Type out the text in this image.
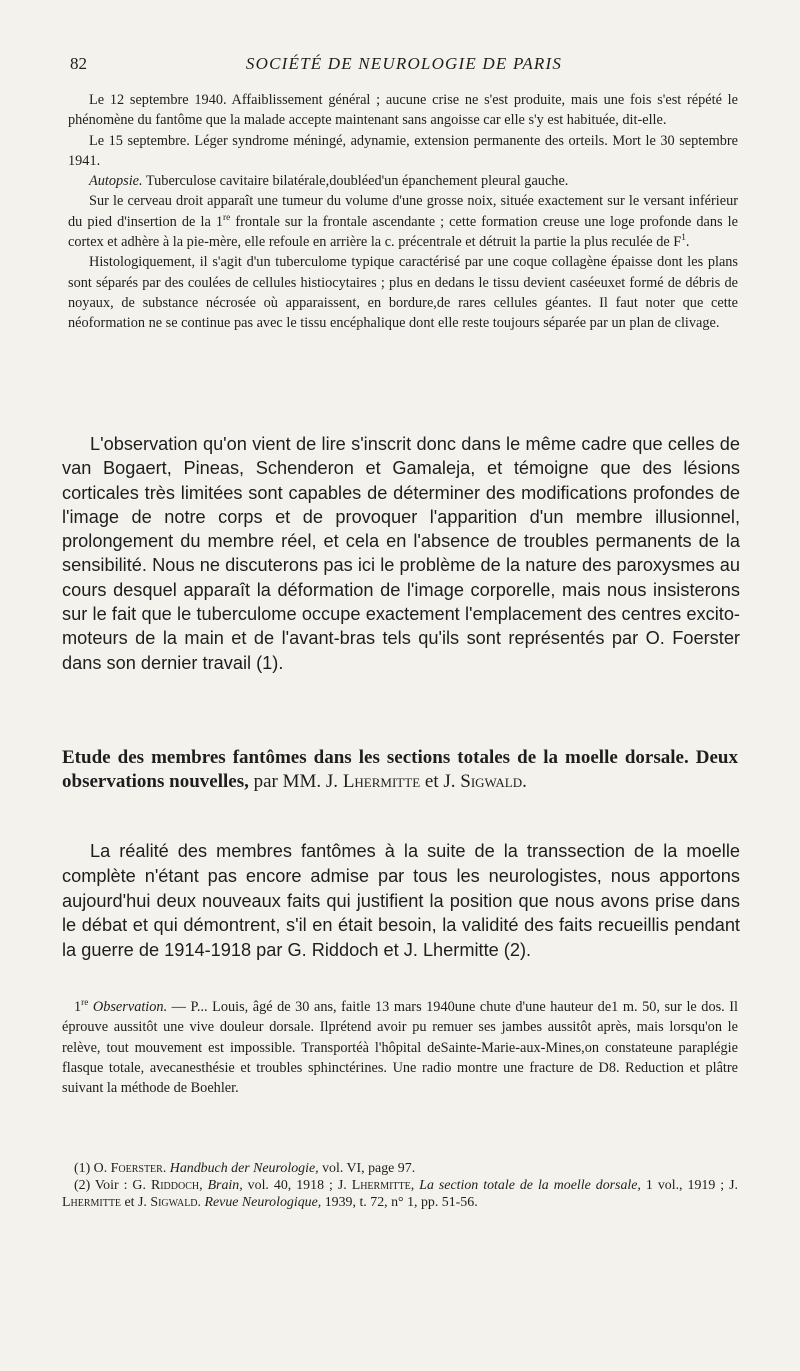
82	SOCIÉTÉ DE NEUROLOGIE DE PARIS

Le 12 septembre 1940. Affaiblissement général ; aucune crise ne s'est produite, mais une fois s'est répété le phénomène du fantôme que la malade accepte maintenant sans angoisse car elle s'y est habituée, dit-elle.

Le 15 septembre. Léger syndrome méningé, adynamie, extension permanente des orteils. Mort le 30 septembre 1941.

Autopsie. Tuberculose cavitaire bilatérale,doubléed'un épanchement pleural gauche.

Sur le cerveau droit apparaît une tumeur du volume d'une grosse noix, située exactement sur le versant inférieur du pied d'insertion de la 1re frontale sur la frontale ascendante ; cette formation creuse une loge profonde dans le cortex et adhère à la pie-mère, elle refoule en arrière la c. précentrale et détruit la partie la plus reculée de $F^1$.

Histologiquement, il s'agit d'un tuberculome typique caractérisé par une coque collagène épaisse dont les plans sont séparés par des coulées de cellules histiocytaires ; plus en dedans le tissu devient caséeuxet formé de débris de noyaux, de substance nécrosée où apparaissent, en bordure,de rares cellules géantes. Il faut noter que cette néoformation ne se continue pas avec le tissu encéphalique dont elle reste toujours séparée par un plan de clivage.

L'observation qu'on vient de lire s'inscrit donc dans le même cadre que celles de van Bogaert, Pineas, Schenderon et Gamaleja, et témoigne que des lésions corticales très limitées sont capables de déterminer des modifications profondes de l'image de notre corps et de provoquer l'apparition d'un membre illusionnel, prolongement du membre réel, et cela en l'absence de troubles permanents de la sensibilité. Nous ne discuterons pas ici le problème de la nature des paroxysmes au cours desquel apparaît la déformation de l'image corporelle, mais nous insisterons sur le fait que le tuberculome occupe exactement l'emplacement des centres excito-moteurs de la main et de l'avant-bras tels qu'ils sont représentés par O. Foerster dans son dernier travail (1).

Etude des membres fantômes dans les sections totales de la moelle dorsale. Deux observations nouvelles, par MM. J. Lhermitte et J. Sigwald.

La réalité des membres fantômes à la suite de la transsection de la moelle complète n'étant pas encore admise par tous les neurologistes, nous apportons aujourd'hui deux nouveaux faits qui justifient la position que nous avons prise dans le débat et qui démontrent, s'il en était besoin, la validité des faits recueillis pendant la guerre de 1914-1918 par G. Riddoch et J. Lhermitte (2).

1re Observation. — P... Louis, âgé de 30 ans, faitle 13 mars 1940une chute d'une hauteur de1 m. 50, sur le dos. Il éprouve aussitôt une vive douleur dorsale. Ilprétend avoir pu remuer ses jambes aussitôt après, mais lorsqu'on le relève, tout mouvement est impossible. Transportéà l'hôpital deSainte-Marie-aux-Mines,on constateune paraplégie flasque totale, avecanesthésie et troubles sphinctérines. Une radio montre une fracture de D8. Reduction et plâtre suivant la méthode de Boehler.

(1) O. Foerster. Handbuch der Neurologie, vol. VI, page 97.

(2) Voir : G. Riddoch, Brain, vol. 40, 1918 ; J. Lhermitte, La section totale de la moelle dorsale, 1 vol., 1919 ; J. Lhermitte et J. Sigwald. Revue Neurologique, 1939, t. 72, n° 1, pp. 51-56.
